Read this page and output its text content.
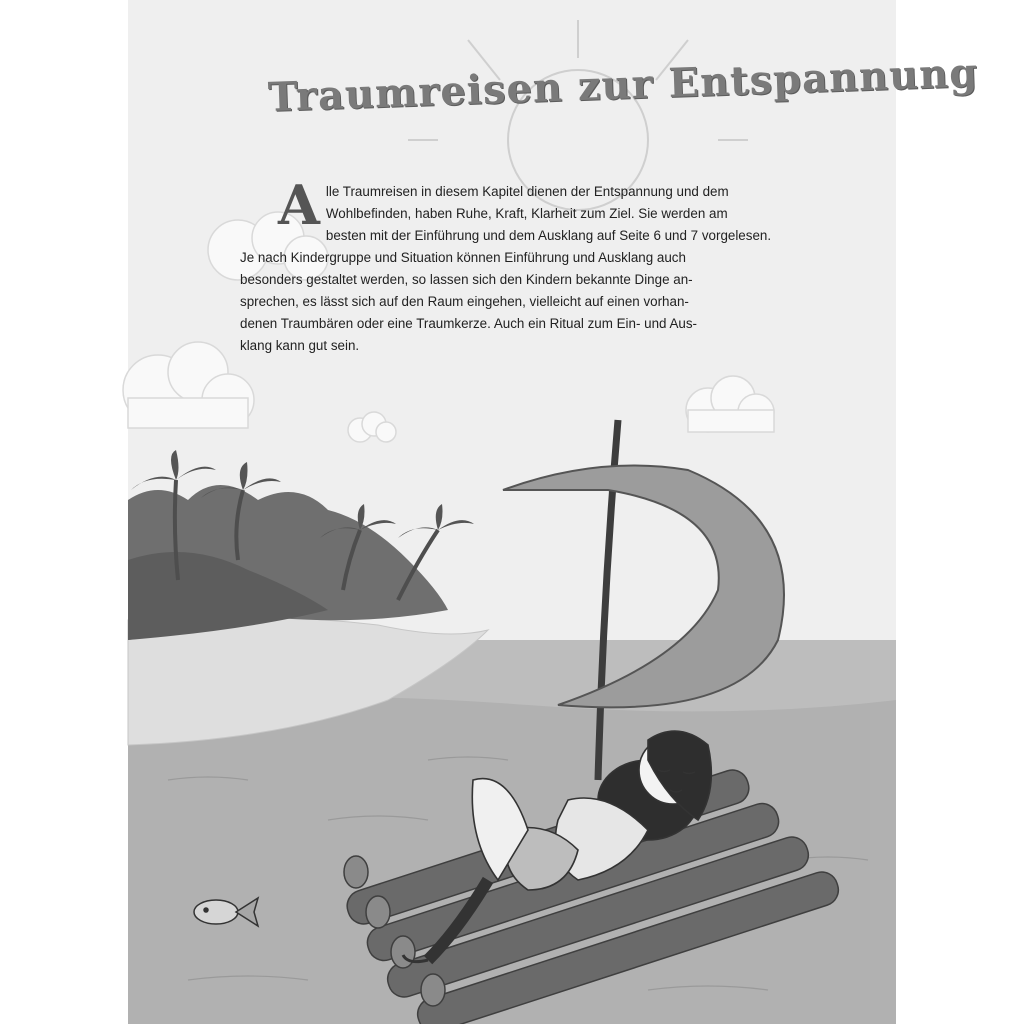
Traumreisen zur Entspannung
A lle Traumreisen in diesem Kapitel dienen der Entspannung und dem
Wohlbefinden, haben Ruhe, Kraft, Klarheit zum Ziel. Sie werden am
besten mit der Einführung und dem Ausklang auf Seite 6 und 7 vorgelesen.
Je nach Kindergruppe und Situation können Einführung und Ausklang auch
besonders gestaltet werden, so lassen sich den Kindern bekannte Dinge an-
sprechen, es lässt sich auf den Raum eingehen, vielleicht auf einen vorhan-
denen Traumbären oder eine Traumkerze. Auch ein Ritual zum Ein- und Aus-
klang kann gut sein.
